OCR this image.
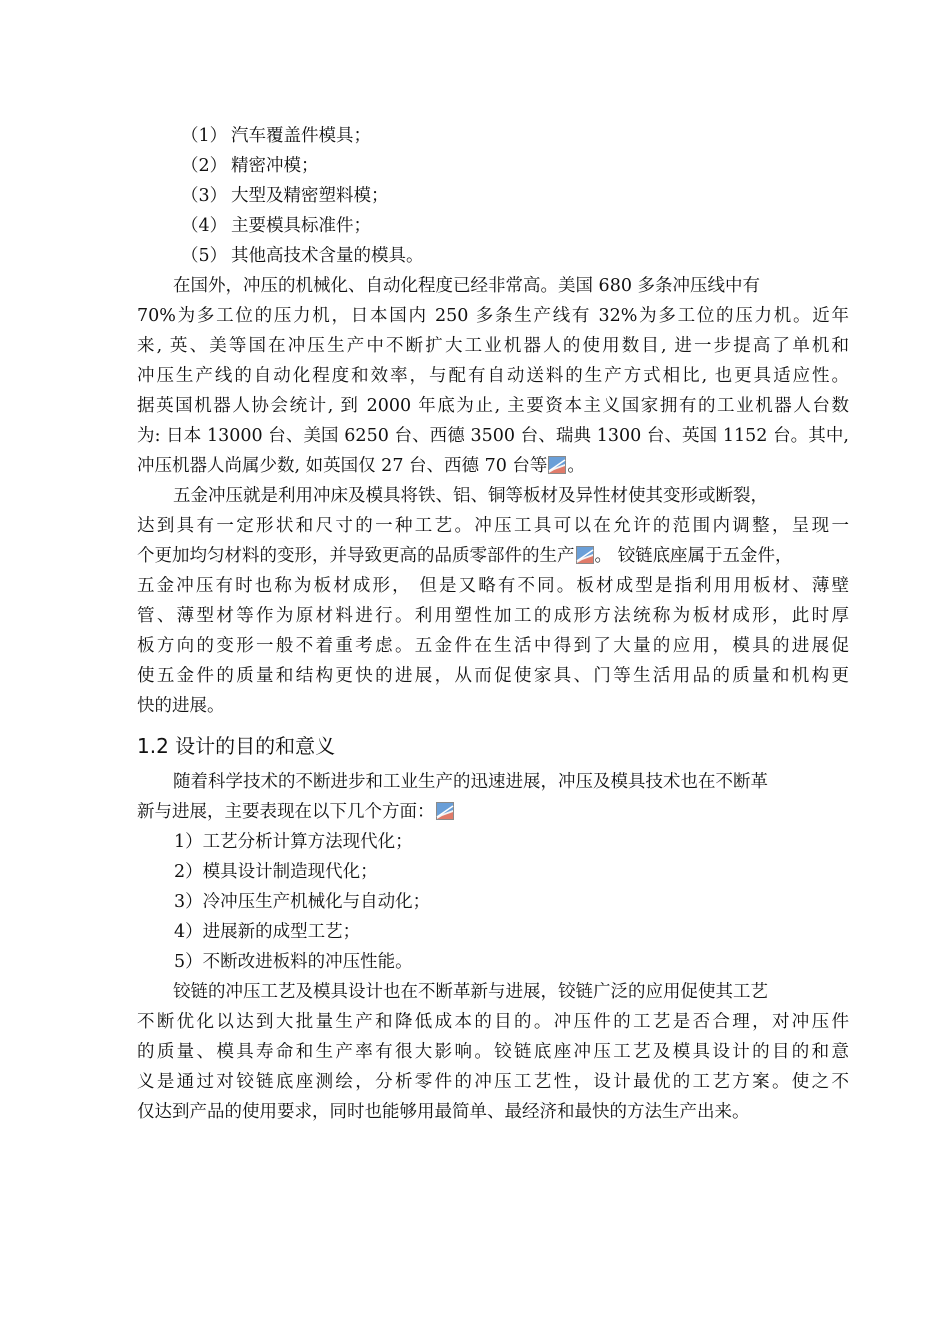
（1） 汽车覆盖件模具；
（2） 精密冲模；
（3） 大型及精密塑料模；
（4） 主要模具标准件；
（5） 其他高技术含量的模具。
在国外，冲压的机械化、自动化程度已经非常高。美国 680 多条冲压线中有
70%为多工位的压力机，日本国内 250 多条生产线有 32%为多工位的压力机。近年
来, 英、美等国在冲压生产中不断扩大工业机器人的使用数目, 进一步提高了单机和
冲压生产线的自动化程度和效率，与配有自动送料的生产方式相比, 也更具适应性。
据英国机器人协会统计, 到 2000 年底为止, 主要资本主义国家拥有的工业机器人台数
为: 日本 13000 台、美国 6250 台、西德 3500 台、瑞典 1300 台、英国 1152 台。其中,
冲压机器人尚属少数, 如英国仅 27 台、西德 70 台等 。
五金冲压就是利用冲床及模具将铁、铝、铜等板材及异性材使其变形或断裂，
达到具有一定形状和尺寸的一种工艺。冲压工具可以在允许的范围内调整，呈现一
个更加均匀材料的变形，并导致更高的品质零部件的生产 。 铰链底座属于五金件，
五金冲压有时也称为板材成形， 但是又略有不同。板材成型是指利用用板材、薄壁
管、薄型材等作为原材料进行。利用塑性加工的成形方法统称为板材成形，此时厚
板方向的变形一般不着重考虑。五金件在生活中得到了大量的应用，模具的进展促
使五金件的质量和结构更快的进展，从而促使家具、门等生活用品的质量和机构更
快的进展。
1.2 设计的目的和意义
随着科学技术的不断进步和工业生产的迅速进展，冲压及模具技术也在不断革
新与进展，主要表现在以下几个方面：
1）工艺分析计算方法现代化；
2）模具设计制造现代化；
3）冷冲压生产机械化与自动化；
4）进展新的成型工艺；
5）不断改进板料的冲压性能。
铰链的冲压工艺及模具设计也在不断革新与进展，铰链广泛的应用促使其工艺
不断优化以达到大批量生产和降低成本的目的。冲压件的工艺是否合理，对冲压件
的质量、模具寿命和生产率有很大影响。铰链底座冲压工艺及模具设计的目的和意
义是通过对铰链底座测绘，分析零件的冲压工艺性，设计最优的工艺方案。使之不
仅达到产品的使用要求，同时也能够用最简单、最经济和最快的方法生产出来。
